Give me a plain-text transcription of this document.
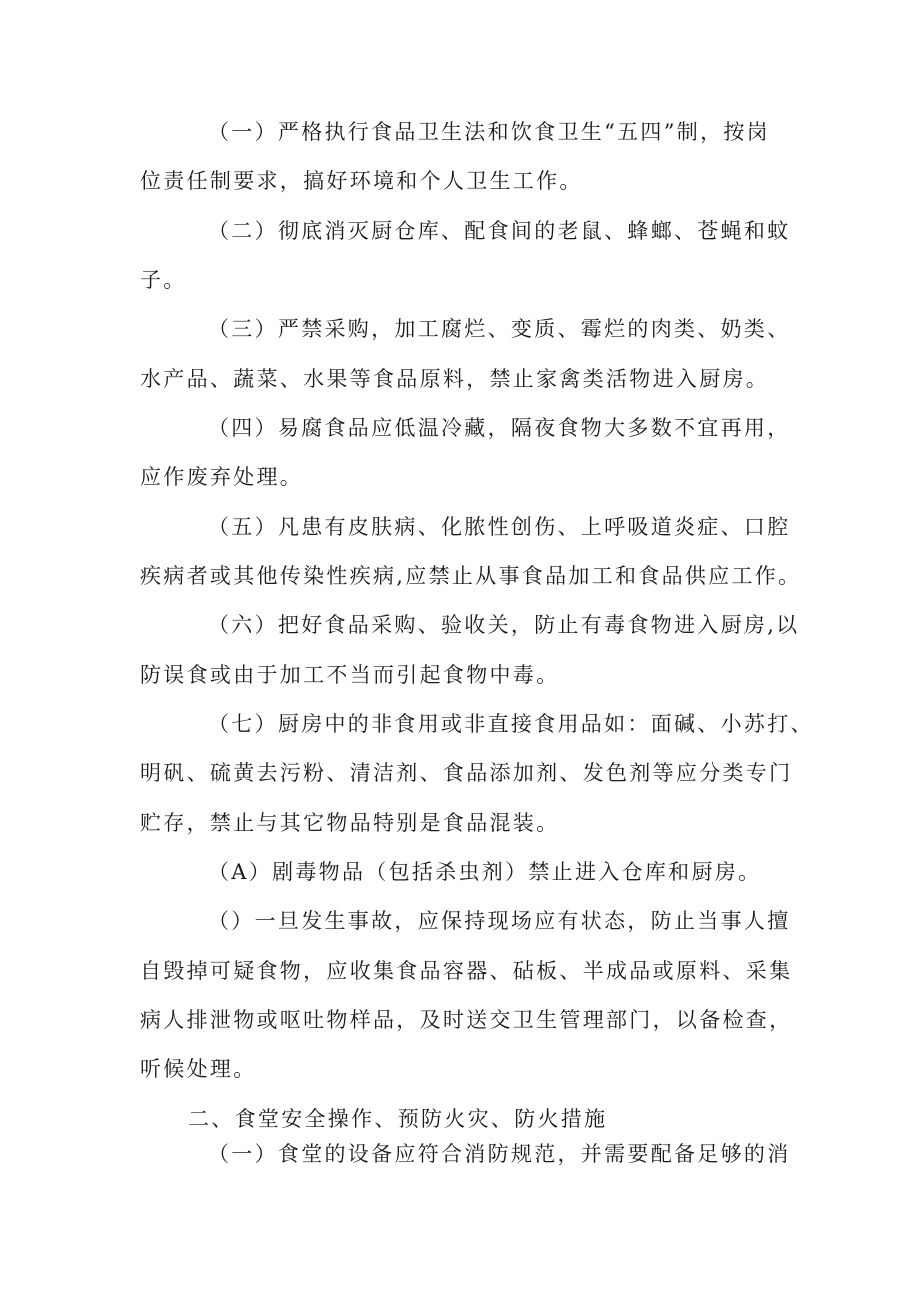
（一）严格执行食品卫生法和饮食卫生“五四”制，按岗
位责任制要求，搞好环境和个人卫生工作。
（二）彻底消灭厨仓库、配食间的老鼠、蜂螂、苍蝇和蚊
子。
（三）严禁采购，加工腐烂、变质、霉烂的肉类、奶类、
水产品、蔬菜、水果等食品原料，禁止家禽类活物进入厨房。
（四）易腐食品应低温冷藏，隔夜食物大多数不宜再用，
应作废弃处理。
（五）凡患有皮肤病、化脓性创伤、上呼吸道炎症、口腔
疾病者或其他传染性疾病,应禁止从事食品加工和食品供应工作。
（六）把好食品采购、验收关，防止有毒食物进入厨房,以
防误食或由于加工不当而引起食物中毒。
（七）厨房中的非食用或非直接食用品如：面碱、小苏打、
明矾、硫黄去污粉、清洁剂、食品添加剂、发色剂等应分类专门
贮存，禁止与其它物品特别是食品混装。
（A）剧毒物品（包括杀虫剂）禁止进入仓库和厨房。
（）一旦发生事故，应保持现场应有状态，防止当事人擅
自毁掉可疑食物，应收集食品容器、砧板、半成品或原料、采集
病人排泄物或呕吐物样品，及时送交卫生管理部门，以备检查，
听候处理。
二、食堂安全操作、预防火灾、防火措施
（一）食堂的设备应符合消防规范，并需要配备足够的消
